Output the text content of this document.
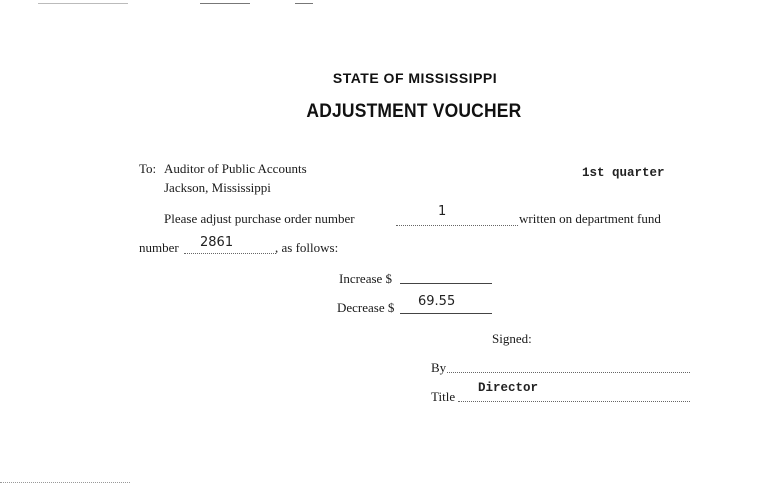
STATE OF MISSISSIPPI
ADJUSTMENT VOUCHER
To: Auditor of Public Accounts
Jackson, Mississippi
1st quarter
Please adjust purchase order number	1	written on department fund
number 2861	, as follows:
Increase $
Decrease $ 69.55
Signed:
By
Title
Director
